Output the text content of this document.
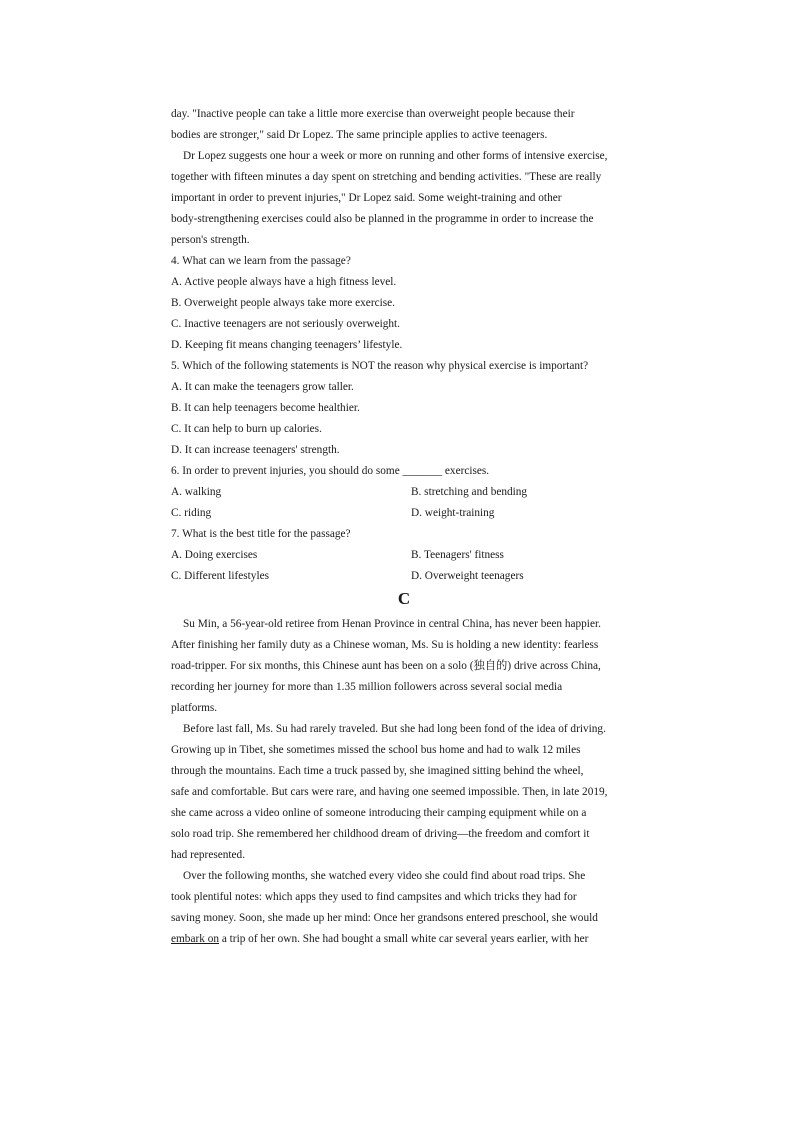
day. "Inactive people can take a little more exercise than overweight people because their
bodies are stronger," said Dr Lopez. The same principle applies to active teenagers.
Dr Lopez suggests one hour a week or more on running and other forms of intensive exercise,
together with fifteen minutes a day spent on stretching and bending activities. "These are really
important in order to prevent injuries," Dr Lopez said. Some weight-training and other
body-strengthening exercises could also be planned in the programme in order to increase the
person's strength.
4. What can we learn from the passage?
A. Active people always have a high fitness level.
B. Overweight people always take more exercise.
C. Inactive teenagers are not seriously overweight.
D. Keeping fit means changing teenagers’ lifestyle.
5. Which of the following statements is NOT the reason why physical exercise is important?
A. It can make the teenagers grow taller.
B. It can help teenagers become healthier.
C. It can help to burn up calories.
D. It can increase teenagers' strength.
6. In order to prevent injuries, you should do some _______ exercises.
A. walking	B. stretching and bending
C. riding	D. weight-training
7. What is the best title for the passage?
A. Doing exercises	B. Teenagers' fitness
C. Different lifestyles	D. Overweight teenagers
C
Su Min, a 56-year-old retiree from Henan Province in central China, has never been happier.
After finishing her family duty as a Chinese woman, Ms. Su is holding a new identity: fearless
road-tripper. For six months, this Chinese aunt has been on a solo (独自的) drive across China,
recording her journey for more than 1.35 million followers across several social media
platforms.
Before last fall, Ms. Su had rarely traveled. But she had long been fond of the idea of driving.
Growing up in Tibet, she sometimes missed the school bus home and had to walk 12 miles
through the mountains. Each time a truck passed by, she imagined sitting behind the wheel,
safe and comfortable. But cars were rare, and having one seemed impossible. Then, in late 2019,
she came across a video online of someone introducing their camping equipment while on a
solo road trip. She remembered her childhood dream of driving—the freedom and comfort it
had represented.
Over the following months, she watched every video she could find about road trips. She
took plentiful notes: which apps they used to find campsites and which tricks they had for
saving money. Soon, she made up her mind: Once her grandsons entered preschool, she would
embark on a trip of her own. She had bought a small white car several years earlier, with her
